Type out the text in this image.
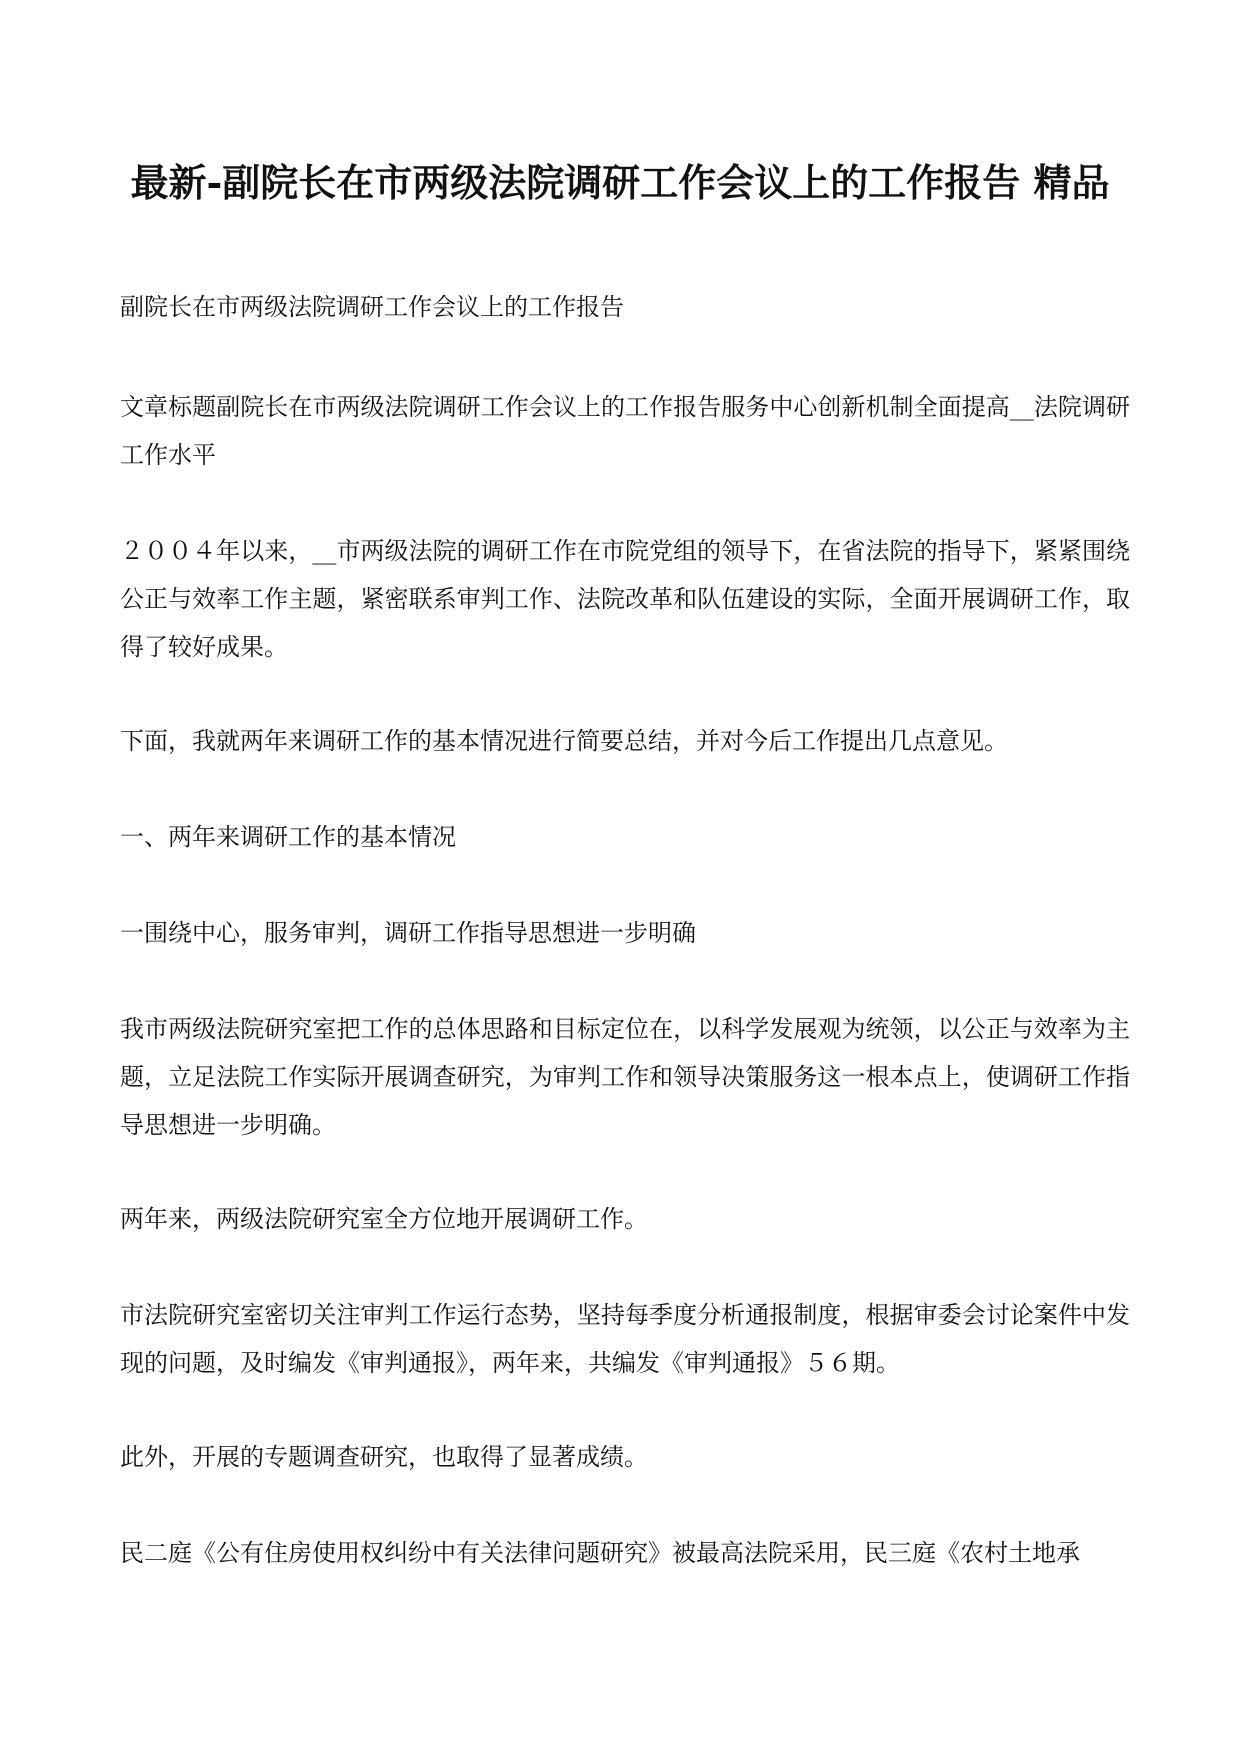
最新-副院长在市两级法院调研工作会议上的工作报告 精品

副院长在市两级法院调研工作会议上的工作报告

文章标题副院长在市两级法院调研工作会议上的工作报告服务中心创新机制全面提高__法院调研工作水平

２００４年以来，__市两级法院的调研工作在市院党组的领导下，在省法院的指导下，紧紧围绕公正与效率工作主题，紧密联系审判工作、法院改革和队伍建设的实际，全面开展调研工作，取得了较好成果。

下面，我就两年来调研工作的基本情况进行简要总结，并对今后工作提出几点意见。

一、两年来调研工作的基本情况

一围绕中心，服务审判，调研工作指导思想进一步明确

我市两级法院研究室把工作的总体思路和目标定位在，以科学发展观为统领，以公正与效率为主题，立足法院工作实际开展调查研究，为审判工作和领导决策服务这一根本点上，使调研工作指导思想进一步明确。

两年来，两级法院研究室全方位地开展调研工作。

市法院研究室密切关注审判工作运行态势，坚持每季度分析通报制度，根据审委会讨论案件中发现的问题，及时编发《审判通报》，两年来，共编发《审判通报》５６期。

此外，开展的专题调查研究，也取得了显著成绩。

民二庭《公有住房使用权纠纷中有关法律问题研究》被最高法院采用，民三庭《农村土地承
